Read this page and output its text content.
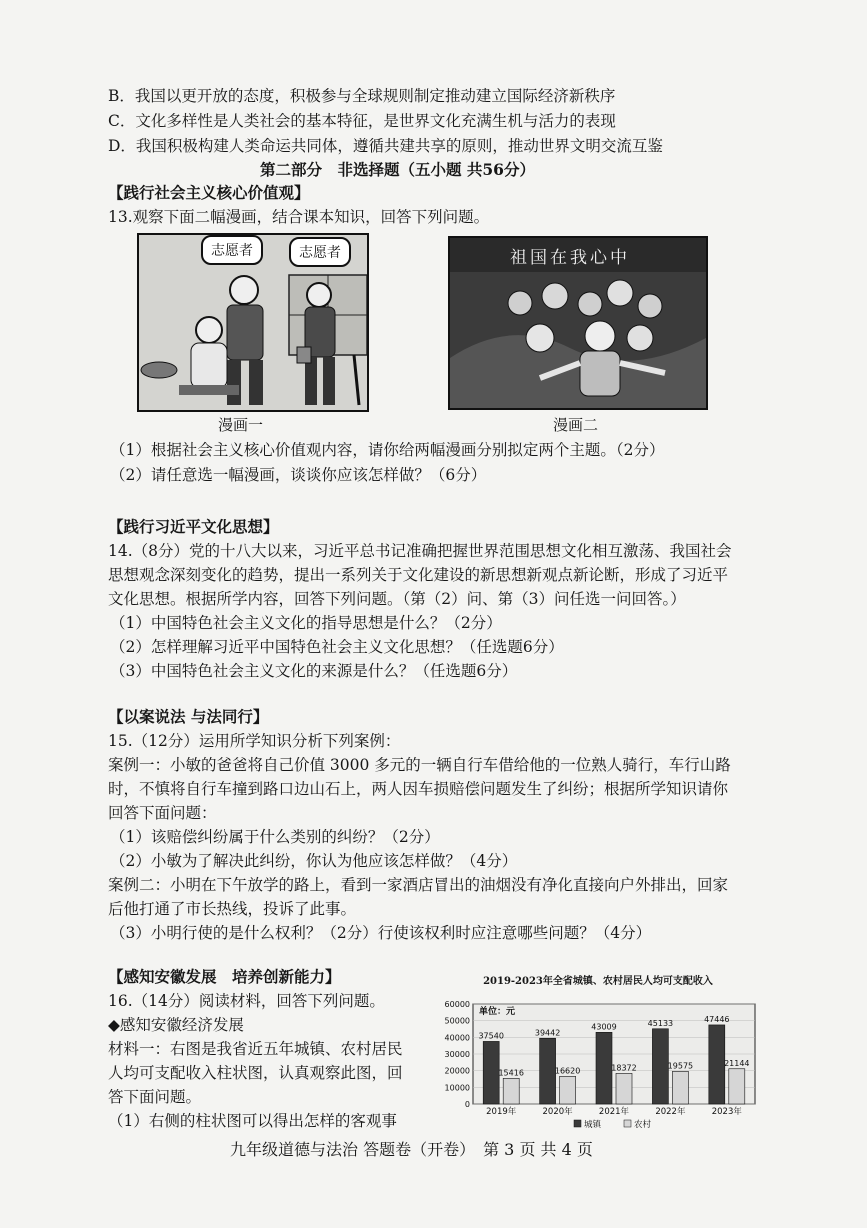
B．我国以更开放的态度，积极参与全球规则制定推动建立国际经济新秩序
C．文化多样性是人类社会的基本特征，是世界文化充满生机与活力的表现
D．我国积极构建人类命运共同体，遵循共建共享的原则，推动世界文明交流互鉴
第二部分　非选择题（五小题 共56分）
【践行社会主义核心价值观】
13.观察下面二幅漫画，结合课本知识，回答下列问题。
志愿者	志愿者	祖国在我心中
漫画一	漫画二
（1）根据社会主义核心价值观内容，请你给两幅漫画分别拟定两个主题。（2分）
（2）请任意选一幅漫画，谈谈你应该怎样做？（6分）
【践行习近平文化思想】
14.（8分）党的十八大以来，习近平总书记准确把握世界范围思想文化相互激荡、我国社会
思想观念深刻变化的趋势，提出一系列关于文化建设的新思想新观点新论断，形成了习近平
文化思想。根据所学内容，回答下列问题。（第（2）问、第（3）问任选一问回答。）
（1）中国特色社会主义文化的指导思想是什么？（2分）
（2）怎样理解习近平中国特色社会主义文化思想？（任选题6分）
（3）中国特色社会主义文化的来源是什么？（任选题6分）
【以案说法 与法同行】
15.（12分）运用所学知识分析下列案例：
案例一：小敏的爸爸将自己价值 3000 多元的一辆自行车借给他的一位熟人骑行，车行山路
时，不慎将自行车撞到路口边山石上，两人因车损赔偿问题发生了纠纷；根据所学知识请你
回答下面问题：
（1）该赔偿纠纷属于什么类别的纠纷？（2分）
（2）小敏为了解决此纠纷，你认为他应该怎样做？（4分）
案例二：小明在下午放学的路上，看到一家酒店冒出的油烟没有净化直接向户外排出，回家
后他打通了市长热线，投诉了此事。
（3）小明行使的是什么权利？（2分）行使该权利时应注意哪些问题？（4分）
【感知安徽发展　培养创新能力】
16.（14分）阅读材料，回答下列问题。
◆感知安徽经济发展
材料一：右图是我省近五年城镇、农村居民
人均可支配收入柱状图，认真观察此图，回
答下面问题。
（1）右侧的柱状图可以得出怎样的客观事
2019-2023年全省城镇、农村居民人均可支配收入
0
10000
20000
30000
40000
50000
60000
单位：元
37540
15416
2019年
39442
16620
2020年
43009
18372
2021年
45133
19575
2022年
47446
21144
2023年
城镇	农村
九年级道德与法治 答题卷（开卷）　第 3 页 共 4 页
